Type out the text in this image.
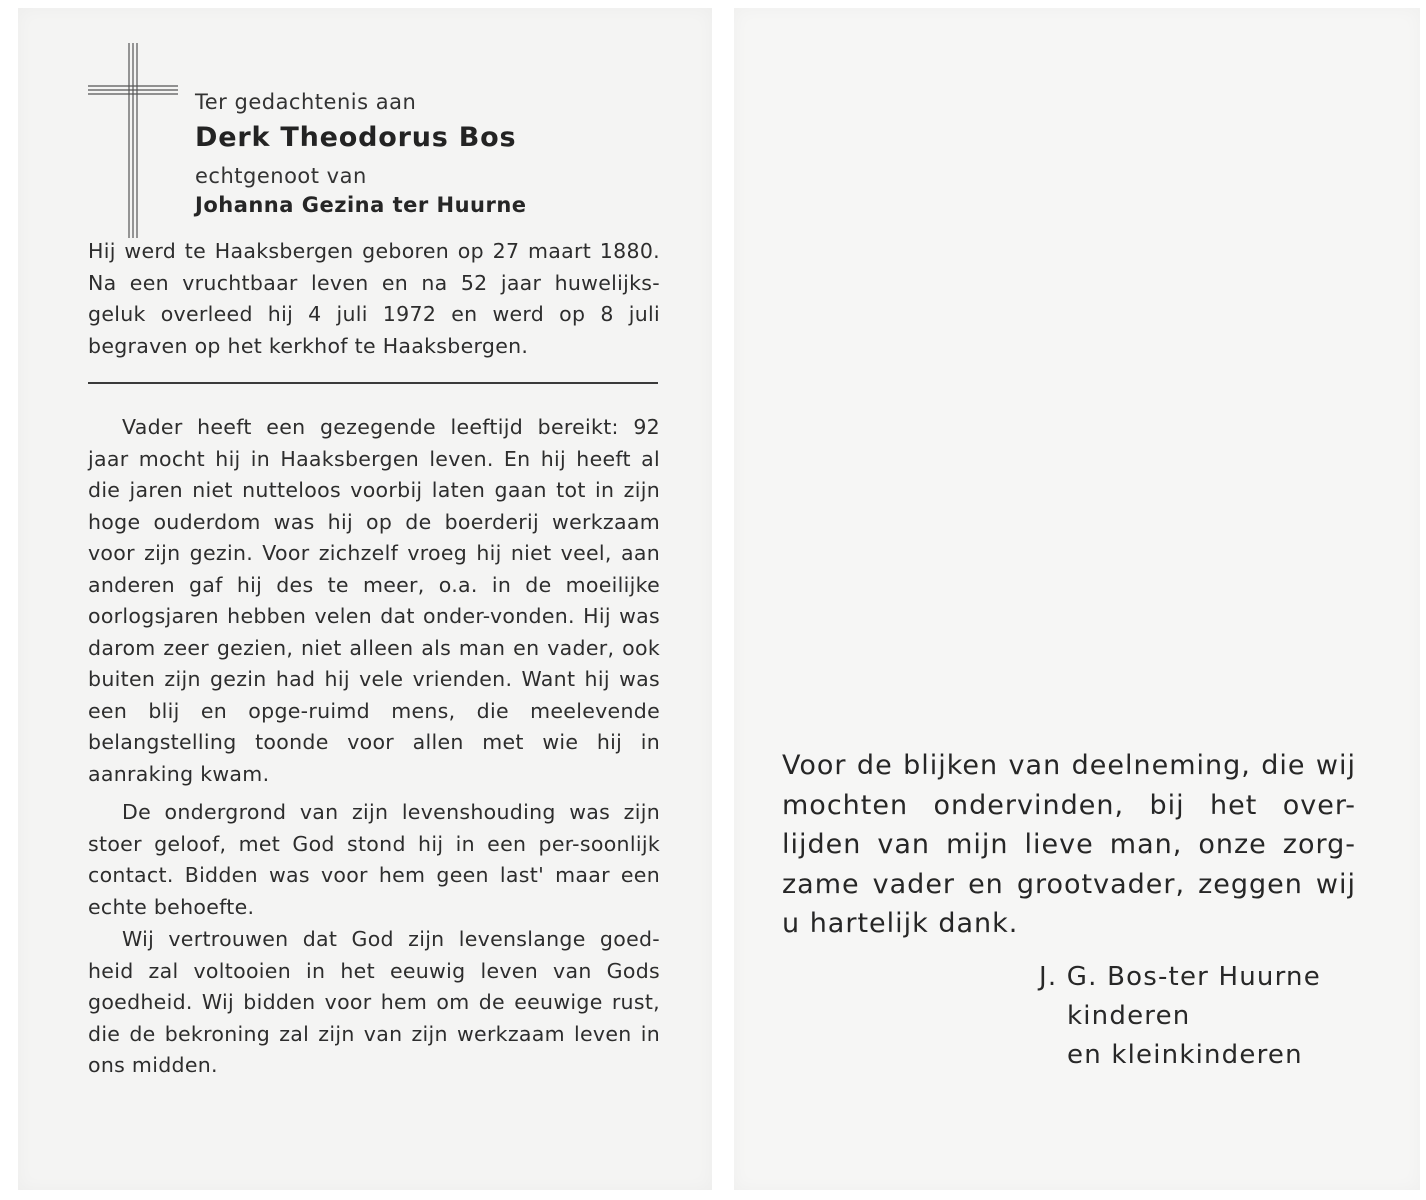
Ter gedachtenis aan
Derk Theodorus Bos
echtgenoot van
Johanna Gezina ter Huurne

Hij werd te Haaksbergen geboren op 27 maart 1880. Na een vruchtbaar leven en na 52 jaar huwelijks-geluk overleed hij 4 juli 1972 en werd op 8 juli begraven op het kerkhof te Haaksbergen.

Vader heeft een gezegende leeftijd bereikt: 92 jaar mocht hij in Haaksbergen leven. En hij heeft al die jaren niet nutteloos voorbij laten gaan tot in zijn hoge ouderdom was hij op de boerderij werkzaam voor zijn gezin. Voor zichzelf vroeg hij niet veel, aan anderen gaf hij des te meer, o.a. in de moeilijke oorlogsjaren hebben velen dat onder-vonden. Hij was darom zeer gezien, niet alleen als man en vader, ook buiten zijn gezin had hij vele vrienden. Want hij was een blij en opge-ruimd mens, die meelevende belangstelling toonde voor allen met wie hij in aanraking kwam.

De ondergrond van zijn levenshouding was zijn stoer geloof, met God stond hij in een per-soonlijk contact. Bidden was voor hem geen last' maar een echte behoefte.

Wij vertrouwen dat God zijn levenslange goed-heid zal voltooien in het eeuwig leven van Gods goedheid. Wij bidden voor hem om de eeuwige rust, die de bekroning zal zijn van zijn werkzaam leven in ons midden.

Voor de blijken van deelneming, die wij mochten ondervinden, bij het over-lijden van mijn lieve man, onze zorg-zame vader en grootvader, zeggen wij u hartelijk dank.

J. G. Bos-ter Huurne
kinderen
en kleinkinderen
